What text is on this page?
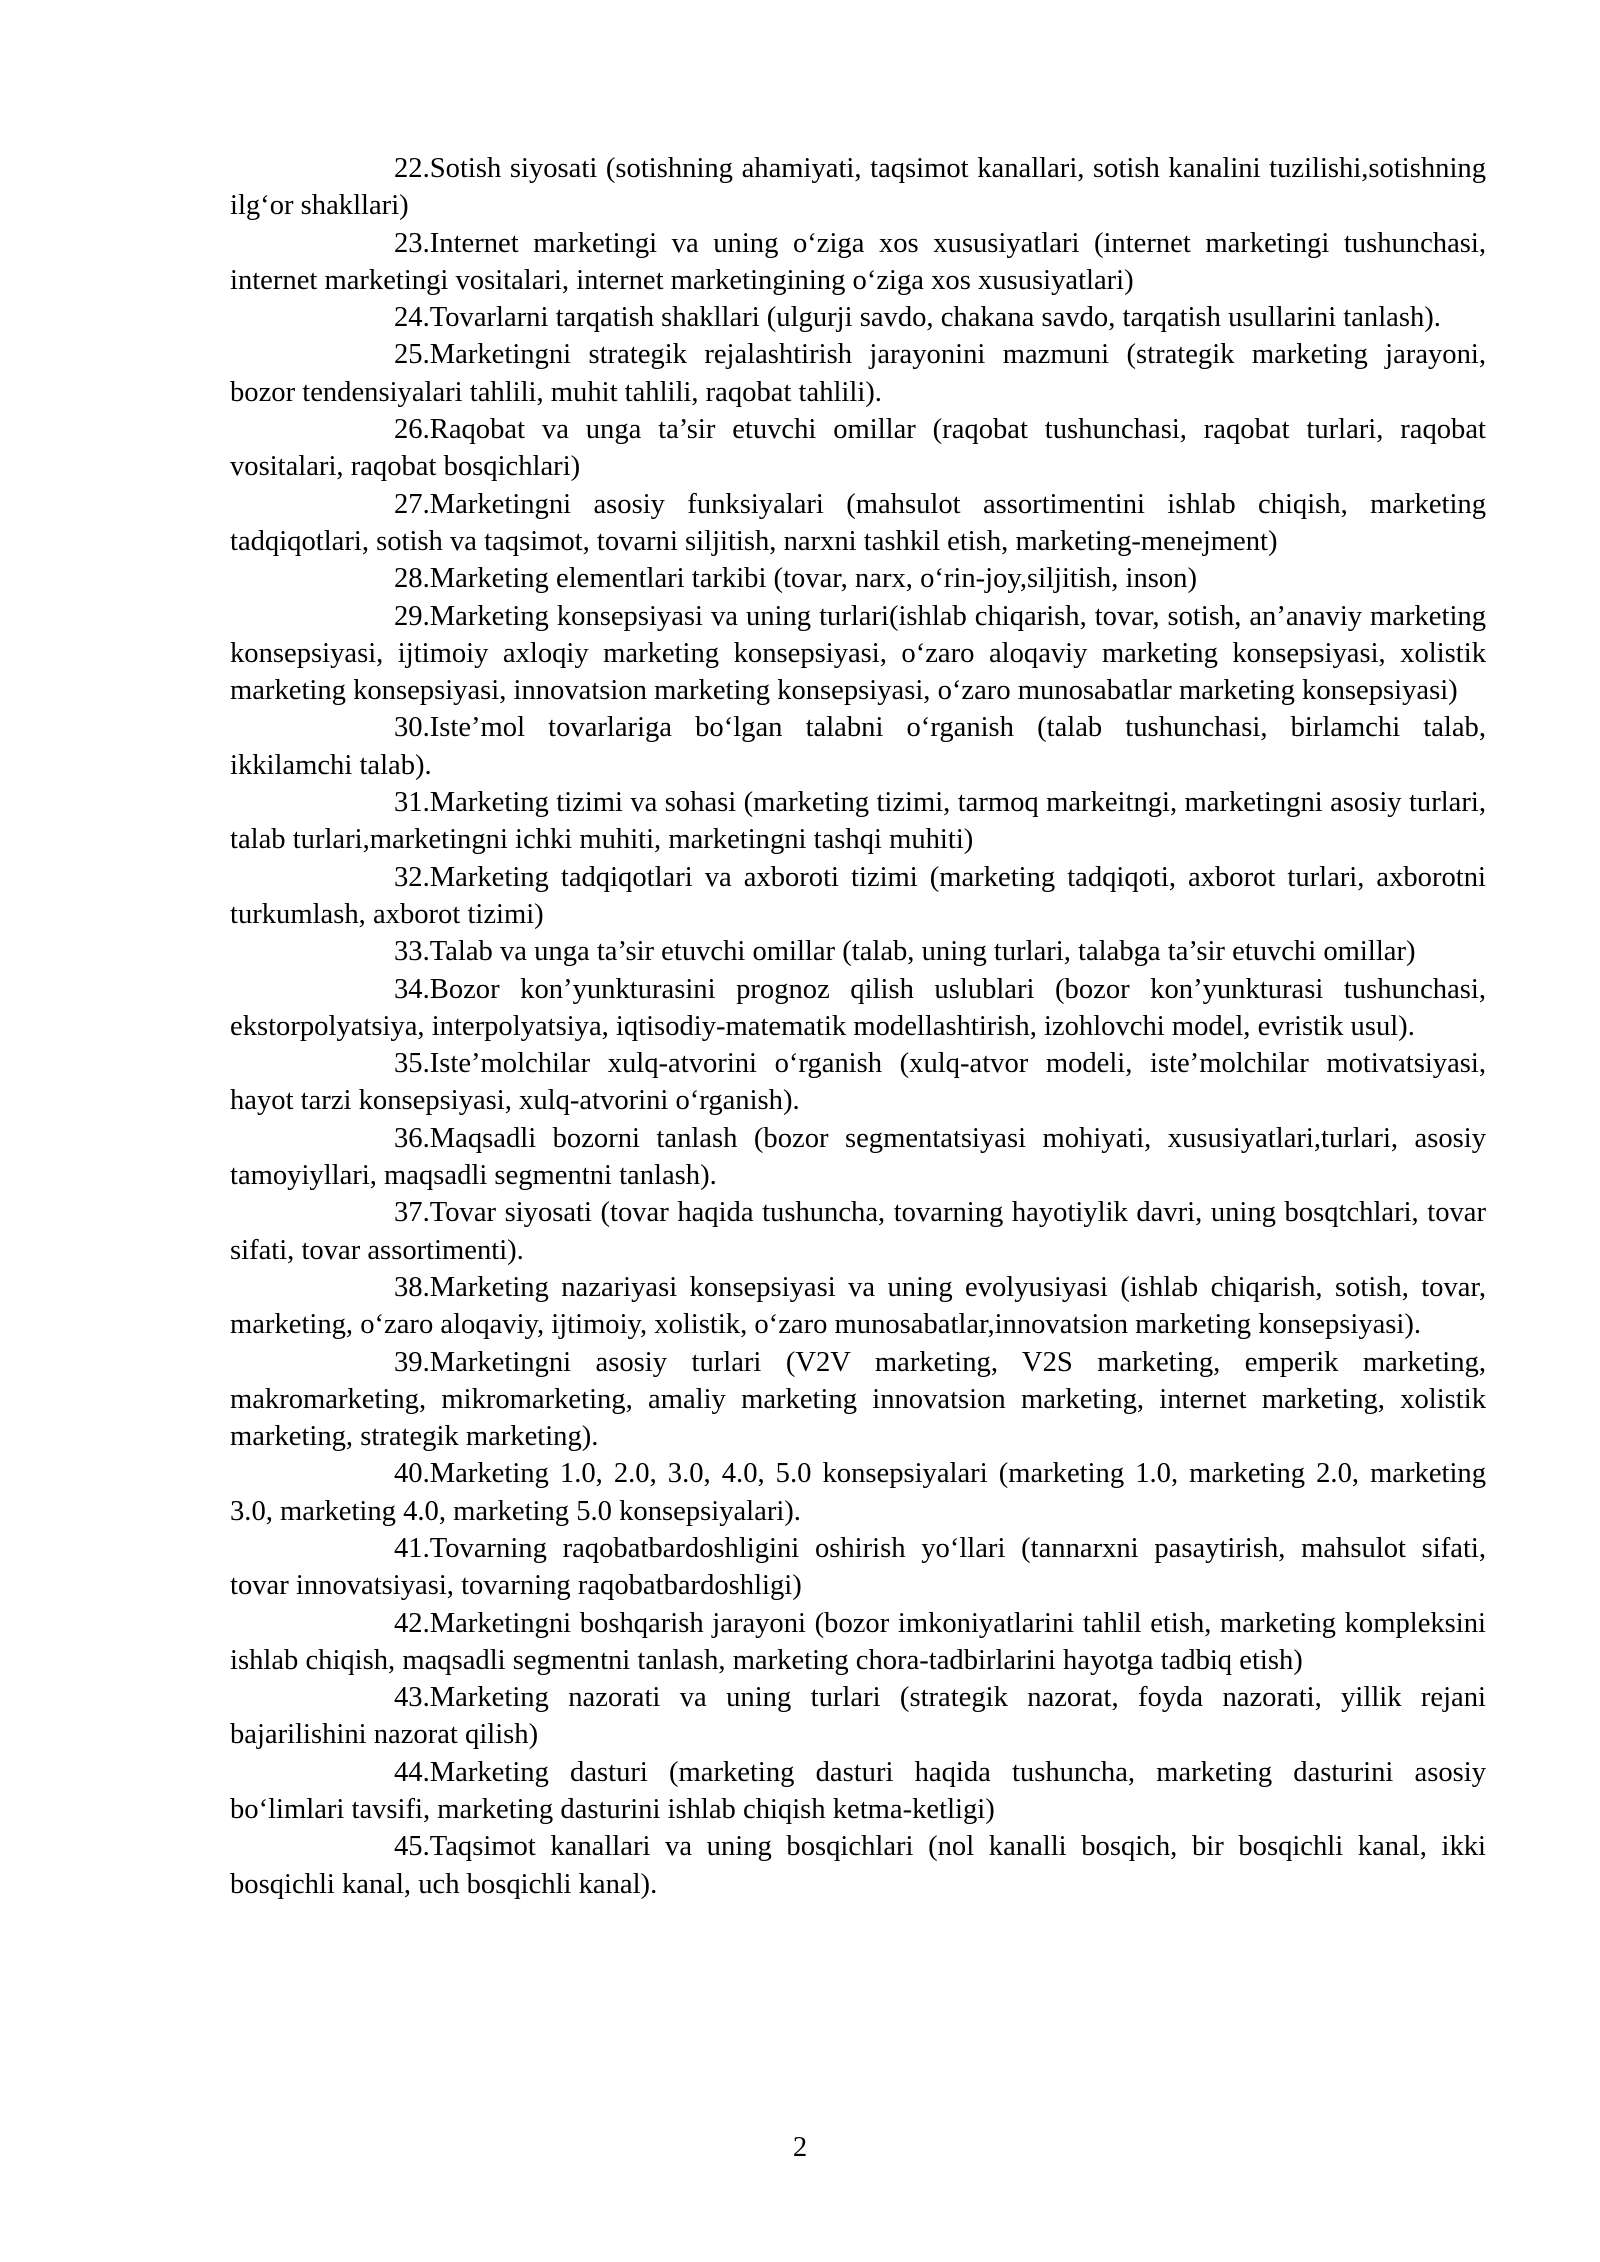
22.Sotish siyosati (sotishning ahamiyati, taqsimot kanallari, sotish kanalini tuzilishi,sotishning ilg‘or shakllari)

23.Internet marketingi va uning o‘ziga xos xususiyatlari (internet marketingi tushunchasi, internet marketingi vositalari, internet marketingining o‘ziga xos xususiyatlari)

24.Tovarlarni tarqatish shakllari (ulgurji savdo, chakana savdo, tarqatish usullarini tanlash).

25.Marketingni strategik rejalashtirish jarayonini mazmuni (strategik marketing jarayoni, bozor tendensiyalari tahlili, muhit tahlili, raqobat tahlili).

26.Raqobat va unga ta’sir etuvchi omillar (raqobat tushunchasi, raqobat turlari, raqobat vositalari, raqobat bosqichlari)

27.Marketingni asosiy funksiyalari (mahsulot assortimentini ishlab chiqish, marketing tadqiqotlari, sotish va taqsimot, tovarni siljitish, narxni tashkil etish, marketing-menejment)

28.Marketing elementlari tarkibi (tovar, narx, o‘rin-joy,siljitish, inson)

29.Marketing konsepsiyasi va uning turlari(ishlab chiqarish, tovar, sotish, an’anaviy marketing konsepsiyasi, ijtimoiy axloqiy marketing konsepsiyasi, o‘zaro aloqaviy marketing konsepsiyasi, xolistik marketing konsepsiyasi, innovatsion marketing konsepsiyasi, o‘zaro munosabatlar marketing konsepsiyasi)

30.Iste’mol tovarlariga bo‘lgan talabni o‘rganish (talab tushunchasi, birlamchi talab, ikkilamchi talab).

31.Marketing tizimi va sohasi (marketing tizimi, tarmoq markeitngi, marketingni asosiy turlari, talab turlari,marketingni ichki muhiti, marketingni tashqi muhiti)

32.Marketing tadqiqotlari va axboroti tizimi (marketing tadqiqoti, axborot turlari, axborotni turkumlash, axborot tizimi)

33.Talab va unga ta’sir etuvchi omillar (talab, uning turlari, talabga ta’sir etuvchi omillar)

34.Bozor kon’yunkturasini prognoz qilish uslublari (bozor kon’yunkturasi tushunchasi, ekstorpolyatsiya, interpolyatsiya, iqtisodiy-matematik modellashtirish, izohlovchi model, evristik usul).

35.Iste’molchilar xulq-atvorini o‘rganish (xulq-atvor modeli, iste’molchilar motivatsiyasi, hayot tarzi konsepsiyasi, xulq-atvorini o‘rganish).

36.Maqsadli bozorni tanlash (bozor segmentatsiyasi mohiyati, xususiyatlari,turlari, asosiy tamoyiyllari, maqsadli segmentni tanlash).

37.Tovar siyosati (tovar haqida tushuncha, tovarning hayotiylik davri, uning bosqtchlari, tovar sifati, tovar assortimenti).

38.Marketing nazariyasi konsepsiyasi va uning evolyusiyasi (ishlab chiqarish, sotish, tovar, marketing, o‘zaro aloqaviy, ijtimoiy, xolistik, o‘zaro munosabatlar,innovatsion marketing konsepsiyasi).

39.Marketingni asosiy turlari (V2V marketing, V2S marketing, emperik marketing, makromarketing, mikromarketing, amaliy marketing innovatsion marketing, internet marketing, xolistik marketing, strategik marketing).

40.Marketing 1.0, 2.0, 3.0, 4.0, 5.0 konsepsiyalari (marketing 1.0, marketing 2.0, marketing 3.0, marketing 4.0, marketing 5.0 konsepsiyalari).

41.Tovarning raqobatbardoshligini oshirish yo‘llari (tannarxni pasaytirish, mahsulot sifati, tovar innovatsiyasi, tovarning raqobatbardoshligi)

42.Marketingni boshqarish jarayoni (bozor imkoniyatlarini tahlil etish, marketing kompleksini ishlab chiqish, maqsadli segmentni tanlash, marketing chora-tadbirlarini hayotga tadbiq etish)

43.Marketing nazorati va uning turlari (strategik nazorat, foyda nazorati, yillik rejani bajarilishini nazorat qilish)

44.Marketing dasturi (marketing dasturi haqida tushuncha, marketing dasturini asosiy bo‘limlari tavsifi, marketing dasturini ishlab chiqish ketma-ketligi)

45.Taqsimot kanallari va uning bosqichlari (nol kanalli bosqich, bir bosqichli kanal, ikki bosqichli kanal, uch bosqichli kanal).

2
